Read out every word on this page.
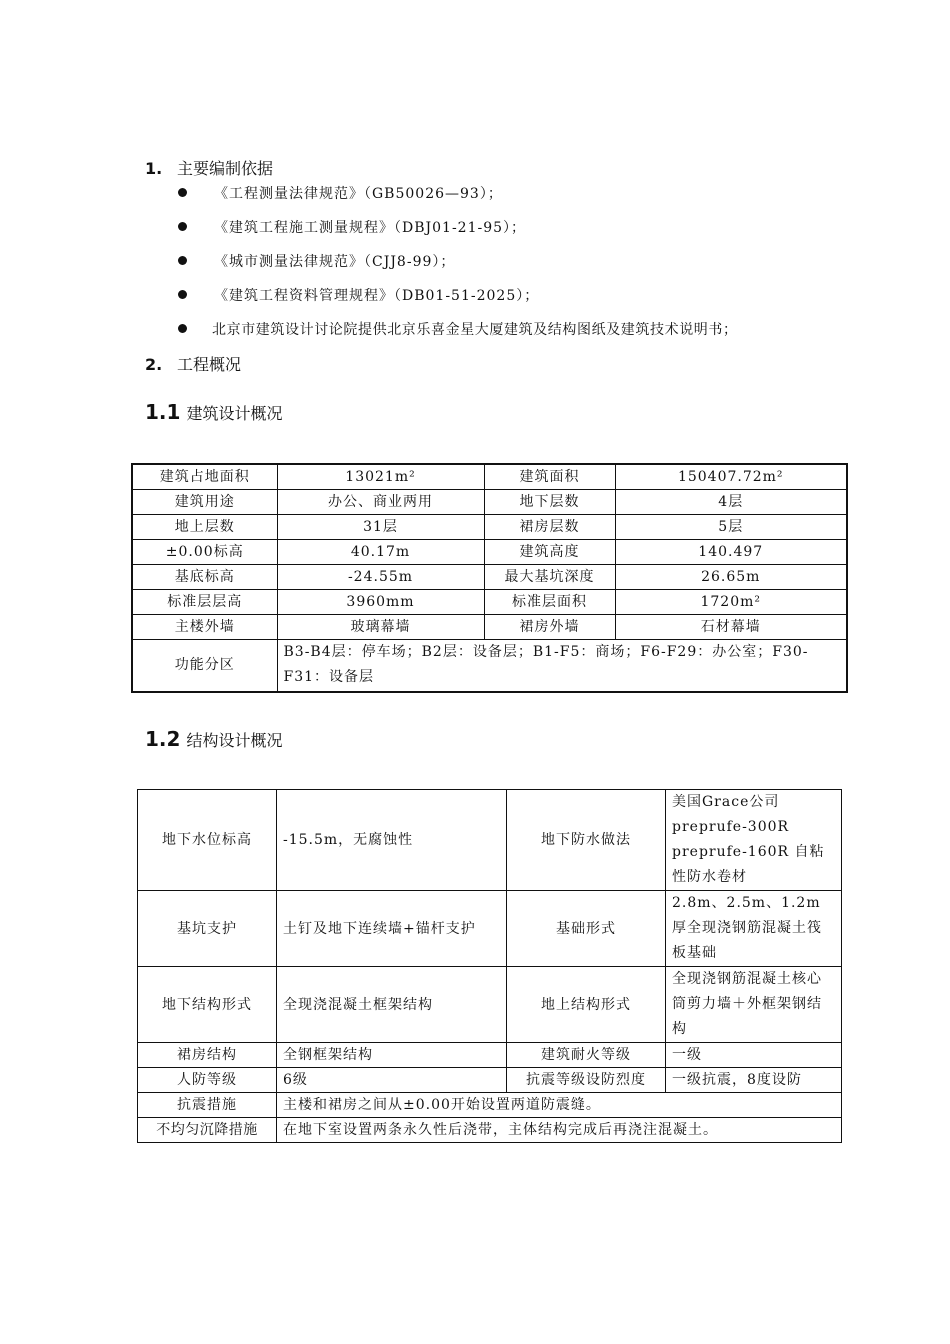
1. 主要编制依据
《工程测量法律规范》（GB50026—93）；
《建筑工程施工测量规程》（DBJ01-21-95）；
《城市测量法律规范》（CJJ8-99）；
《建筑工程资料管理规程》（DB01-51-2025）；
北京市建筑设计讨论院提供北京乐喜金星大厦建筑及结构图纸及建筑技术说明书；
2. 工程概况
1.1 建筑设计概况
建筑占地面积	13021m²	建筑面积	150407.72m²
建筑用途	办公、商业两用	地下层数	4层
地上层数	31层	裙房层数	5层
±0.00标高	40.17m	建筑高度	140.497
基底标高	-24.55m	最大基坑深度	26.65m
标准层层高	3960mm	标准层面积	1720m²
主楼外墙	玻璃幕墙	裙房外墙	石材幕墙
功能分区	B3-B4层：停车场；B2层：设备层；B1-F5：商场；F6-F29：办公室；F30-F31：设备层		
1.2 结构设计概况
地下水位标高	-15.5m，无腐蚀性	地下防水做法	美国Grace公司 preprufe-300R preprufe-160R 自粘性防水卷材
基坑支护	土钉及地下连续墙+锚杆支护	基础形式	2.8m、2.5m、1.2m厚全现浇钢筋混凝土筏板基础
地下结构形式	全现浇混凝土框架结构	地上结构形式	全现浇钢筋混凝土核心筒剪力墙＋外框架钢结构
裙房结构	全钢框架结构	建筑耐火等级	一级
人防等级	6级	抗震等级设防烈度	一级抗震，8度设防
抗震措施	主楼和裙房之间从±0.00开始设置两道防震缝。		
不均匀沉降措施	在地下室设置两条永久性后浇带，主体结构完成后再浇注混凝土。		
